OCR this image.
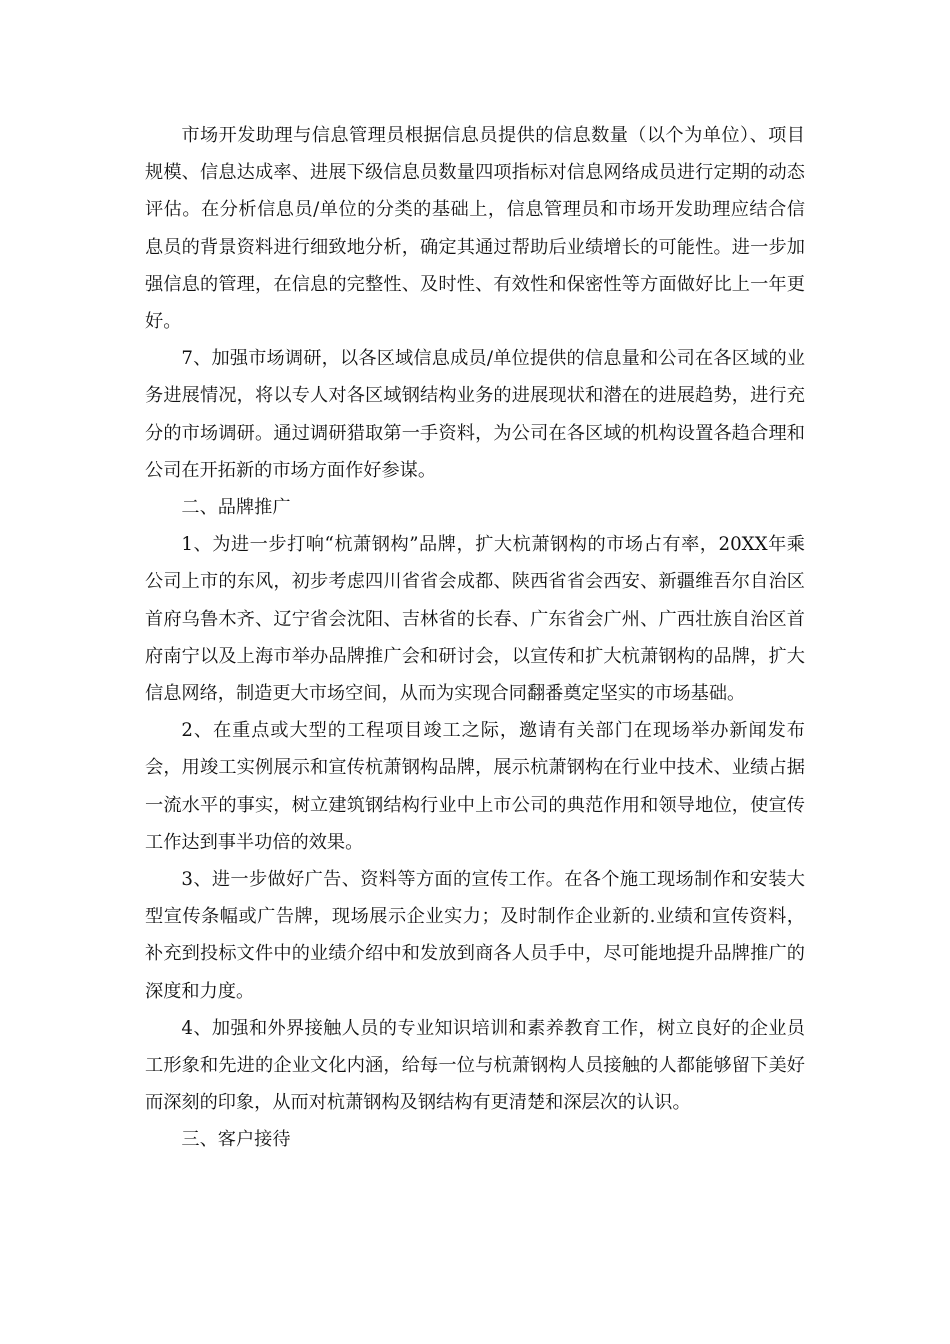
市场开发助理与信息管理员根据信息员提供的信息数量（以个为单位）、项目规模、信息达成率、进展下级信息员数量四项指标对信息网络成员进行定期的动态评估。在分析信息员/单位的分类的基础上，信息管理员和市场开发助理应结合信息员的背景资料进行细致地分析，确定其通过帮助后业绩增长的可能性。进一步加强信息的管理，在信息的完整性、及时性、有效性和保密性等方面做好比上一年更好。

7、加强市场调研，以各区域信息成员/单位提供的信息量和公司在各区域的业务进展情况，将以专人对各区域钢结构业务的进展现状和潜在的进展趋势，进行充分的市场调研。通过调研猎取第一手资料，为公司在各区域的机构设置各趋合理和公司在开拓新的市场方面作好参谋。

二、品牌推广

1、为进一步打响“杭萧钢构”品牌，扩大杭萧钢构的市场占有率，20XX年乘公司上市的东风，初步考虑四川省省会成都、陕西省省会西安、新疆维吾尔自治区首府乌鲁木齐、辽宁省会沈阳、吉林省的长春、广东省会广州、广西壮族自治区首府南宁以及上海市举办品牌推广会和研讨会，以宣传和扩大杭萧钢构的品牌，扩大信息网络，制造更大市场空间，从而为实现合同翻番奠定坚实的市场基础。

2、在重点或大型的工程项目竣工之际，邀请有关部门在现场举办新闻发布会，用竣工实例展示和宣传杭萧钢构品牌，展示杭萧钢构在行业中技术、业绩占据一流水平的事实，树立建筑钢结构行业中上市公司的典范作用和领导地位，使宣传工作达到事半功倍的效果。

3、进一步做好广告、资料等方面的宣传工作。在各个施工现场制作和安装大型宣传条幅或广告牌，现场展示企业实力；及时制作企业新的.业绩和宣传资料，补充到投标文件中的业绩介绍中和发放到商各人员手中，尽可能地提升品牌推广的深度和力度。

4、加强和外界接触人员的专业知识培训和素养教育工作，树立良好的企业员工形象和先进的企业文化内涵，给每一位与杭萧钢构人员接触的人都能够留下美好而深刻的印象，从而对杭萧钢构及钢结构有更清楚和深层次的认识。

三、客户接待
